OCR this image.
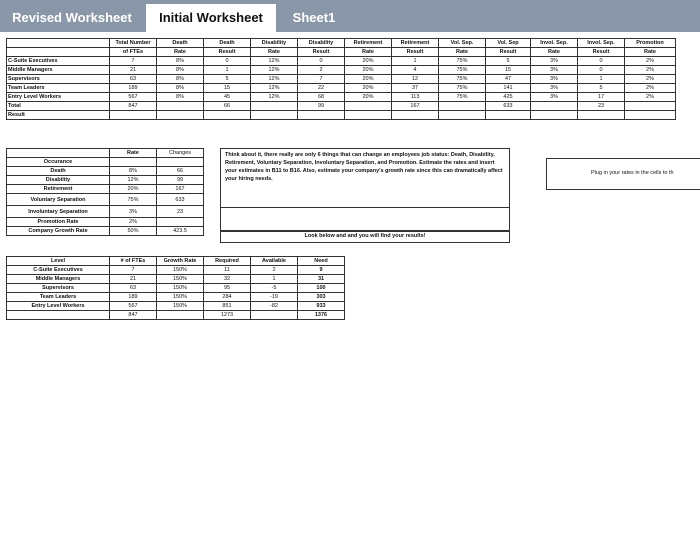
Revised Worksheet	Initial Worksheet	Sheet1
	Total Number	Death	Death	Disability	Disability	Retirement	Retirement	Vol. Sep.	Vol. Sep	Invol. Sep.	Invol. Sep.	Promotion
	of FTEs	Rate	Result	Rate	Result	Rate	Result	Rate	Result	Rate	Result	Rate
C-Suite Executives	7	8%	0	12%	0	20%	1	75%	5	3%	0	2%
Middle Managers	21	8%	1	12%	2	20%	4	75%	15	3%	0	2%
Supervisors	63	8%	5	12%	7	20%	12	75%	47	3%	1	2%
Team Leaders	189	8%	15	12%	22	20%	37	75%	141	3%	5	2%
Entry Level Workers	567	8%	45	12%	68	20%	113	75%	425	3%	17	2%
Total	847		66		99		167		633		23	
Result												
	Rate	Changes
Occurance		
Death	8%	66
Disability	12%	99
Retirement	20%	167
Voluntary Separation	75%	633
Involuntary Separation	3%	23
Promotion Rate	2%	
Company Growth Rate	50%	423.5
Think about it, there really are only 6 things that can change an employees job status: Death, Disability, Retirement, Voluntary Separation, Involuntary Separation, and Promotion. Estimate the rates and insert your estimates in B11 to B16. Also, estimate your company's growth rate since this can dramatically affect your hiring needs.
Look below and and you will find your results!
Plug in your rates in the cells to th
Level	# of FTEs	Growth Rate	Required	Available	Need
C-Suite Executives	7	150%	11	2	9
Middle Managers	21	150%	32	1	31
Supervisors	63	150%	95	-5	100
Team Leaders	189	150%	284	-19	303
Entry Level Workers	567	150%	851	-82	933
	847		1273		1376
